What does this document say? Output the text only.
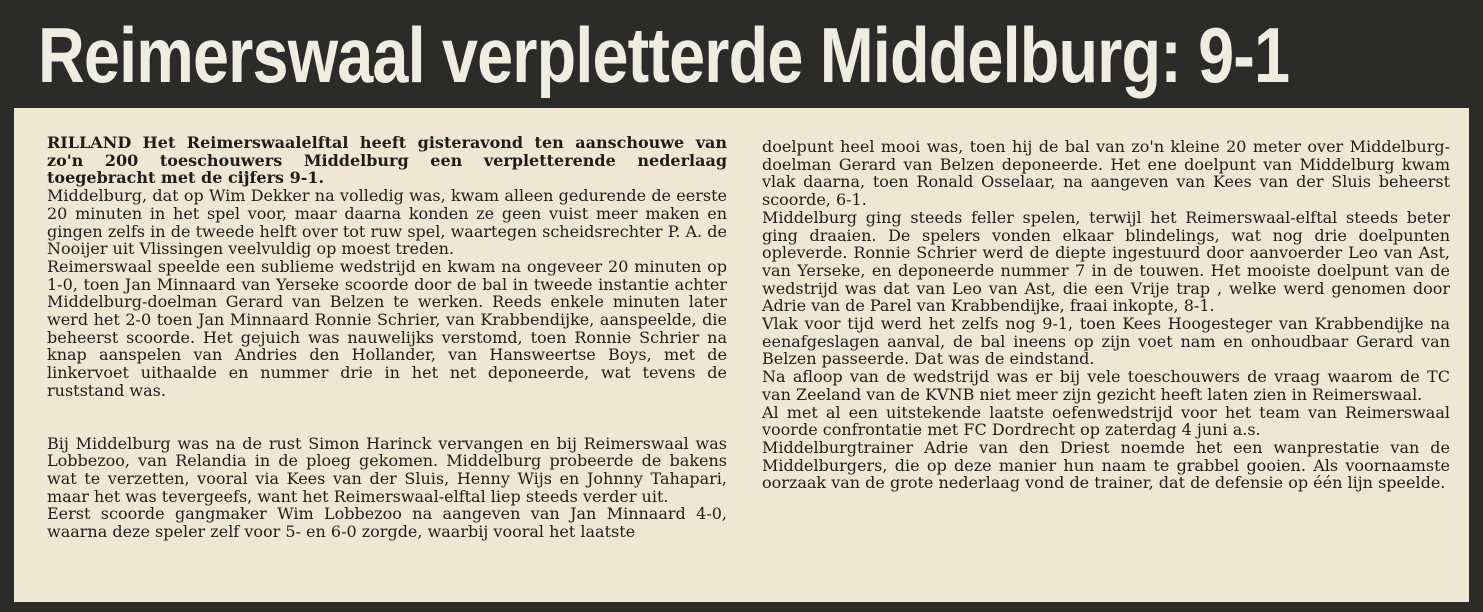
Reimerswaal verpletterde Middelburg: 9-1

RILLAND Het Reimerswaalelftal heeft gisteravond ten aanschouwe van zo'n 200 toeschouwers Middelburg een verpletterende nederlaag toegebracht met de cijfers 9-1.

Middelburg, dat op Wim Dekker na volledig was, kwam alleen gedurende de eerste 20 minuten in het spel voor, maar daarna konden ze geen vuist meer maken en gingen zelfs in de tweede helft over tot ruw spel, waartegen scheidsrechter P. A. de Nooijer uit Vlissingen veelvuldig op moest treden.

Reimerswaal speelde een sublieme wedstrijd en kwam na ongeveer 20 minuten op 1-0, toen Jan Minnaard van Yerseke scoorde door de bal in tweede instantie achter Middelburg-doelman Gerard van Belzen te werken. Reeds enkele minuten later werd het 2-0 toen Jan Minnaard Ronnie Schrier, van Krabbendijke, aanspeelde, die beheerst scoorde. Het gejuich was nauwelijks verstomd, toen Ronnie Schrier na knap aanspelen van Andries den Hollander, van Hansweertse Boys, met de linkervoet uithaalde en nummer drie in het net deponeerde, wat tevens de ruststand was.

Bij Middelburg was na de rust Simon Harinck vervangen en bij Reimerswaal was Lobbezoo, van Relandia in de ploeg gekomen. Middelburg probeerde de bakens wat te verzetten, vooral via Kees van der Sluis, Henny Wijs en Johnny Tahapari, maar het was tevergeefs, want het Reimerswaal-elftal liep steeds verder uit.

Eerst scoorde gangmaker Wim Lobbezoo na aangeven van Jan Minnaard 4-0, waarna deze speler zelf voor 5- en 6-0 zorgde, waarbij vooral het laatste

doelpunt heel mooi was, toen hij de bal van zo'n kleine 20 meter over Middelburg-doelman Gerard van Belzen deponeerde. Het ene doelpunt van Middelburg kwam vlak daarna, toen Ronald Osselaar, na aangeven van Kees van der Sluis beheerst scoorde, 6-1.

Middelburg ging steeds feller spelen, terwijl het Reimerswaal-elftal steeds beter ging draaien. De spelers vonden elkaar blindelings, wat nog drie doelpunten opleverde. Ronnie Schrier werd de diepte ingestuurd door aanvoerder Leo van Ast, van Yerseke, en deponeerde nummer 7 in de touwen. Het mooiste doelpunt van de wedstrijd was dat van Leo van Ast, die een Vrije trap , welke werd genomen door Adrie van de Parel van Krabbendijke, fraai inkopte, 8-1.

Vlak voor tijd werd het zelfs nog 9-1, toen Kees Hoogesteger van Krabbendijke na eenafgeslagen aanval, de bal ineens op zijn voet nam en onhoudbaar Gerard van Belzen passeerde. Dat was de eindstand.

Na afloop van de wedstrijd was er bij vele toeschouwers de vraag waarom de TC van Zeeland van de KVNB niet meer zijn gezicht heeft laten zien in Reimerswaal.

Al met al een uitstekende laatste oefenwedstrijd voor het team van Reimerswaal voorde confrontatie met FC Dordrecht op zaterdag 4 juni a.s.

Middelburgtrainer Adrie van den Driest noemde het een wanprestatie van de Middelburgers, die op deze manier hun naam te grabbel gooien. Als voornaamste oorzaak van de grote nederlaag vond de trainer, dat de defensie op één lijn speelde.
